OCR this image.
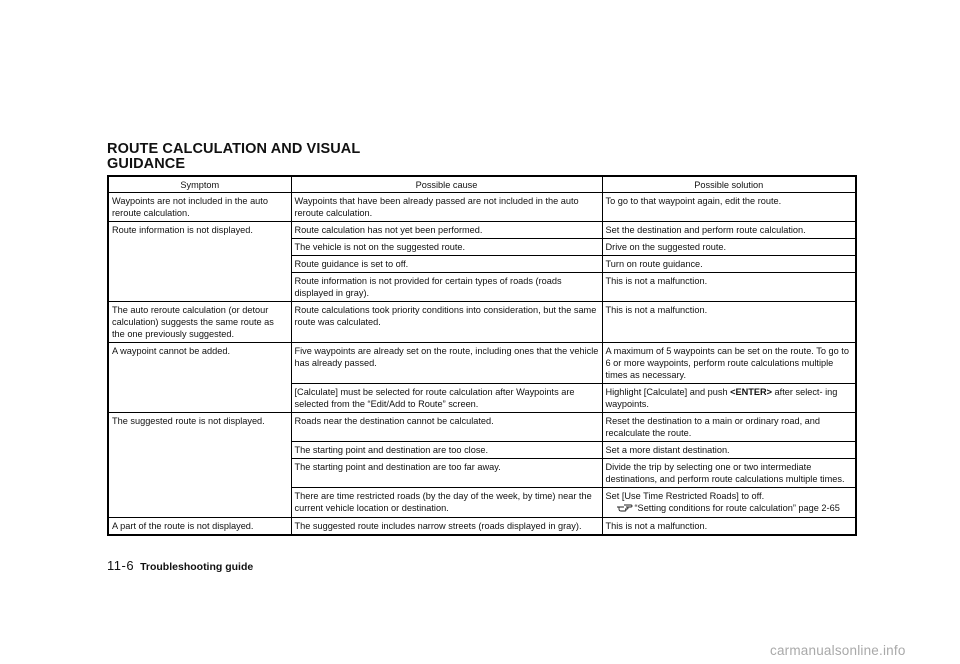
ROUTE CALCULATION AND VISUAL
GUIDANCE
Symptom	Possible cause	Possible solution
Waypoints are not included in the auto reroute calculation.	Waypoints that have been already passed are not included in the auto reroute calculation.	To go to that waypoint again, edit the route.
Route information is not displayed.	Route calculation has not yet been performed.	Set the destination and perform route calculation.
	The vehicle is not on the suggested route.	Drive on the suggested route.
	Route guidance is set to off.	Turn on route guidance.
	Route information is not provided for certain types of roads (roads displayed in gray).	This is not a malfunction.
The auto reroute calculation (or detour calculation) suggests the same route as the one previously suggested.	Route calculations took priority conditions into consideration, but the same route was calculated.	This is not a malfunction.
A waypoint cannot be added.	Five waypoints are already set on the route, including ones that the vehicle has already passed.	A maximum of 5 waypoints can be set on the route. To go to 6 or more waypoints, perform route calculations multiple times as necessary.
	[Calculate] must be selected for route calculation after Waypoints are selected from the “Edit/Add to Route” screen.	Highlight [Calculate] and push <ENTER> after select- ing waypoints.
The suggested route is not displayed.	Roads near the destination cannot be calculated.	Reset the destination to a main or ordinary road, and recalculate the route.
	The starting point and destination are too close.	Set a more distant destination.
	The starting point and destination are too far away.	Divide the trip by selecting one or two intermediate destinations, and perform route calculations multiple times.
	There are time restricted roads (by the day of the week, by time) near the current vehicle location or destination.	Set [Use Time Restricted Roads] to off.
“Setting conditions for route calculation” page 2-65
A part of the route is not displayed.	The suggested route includes narrow streets (roads displayed in gray).	This is not a malfunction.
11-6 Troubleshooting guide
carmanualsonline.info
